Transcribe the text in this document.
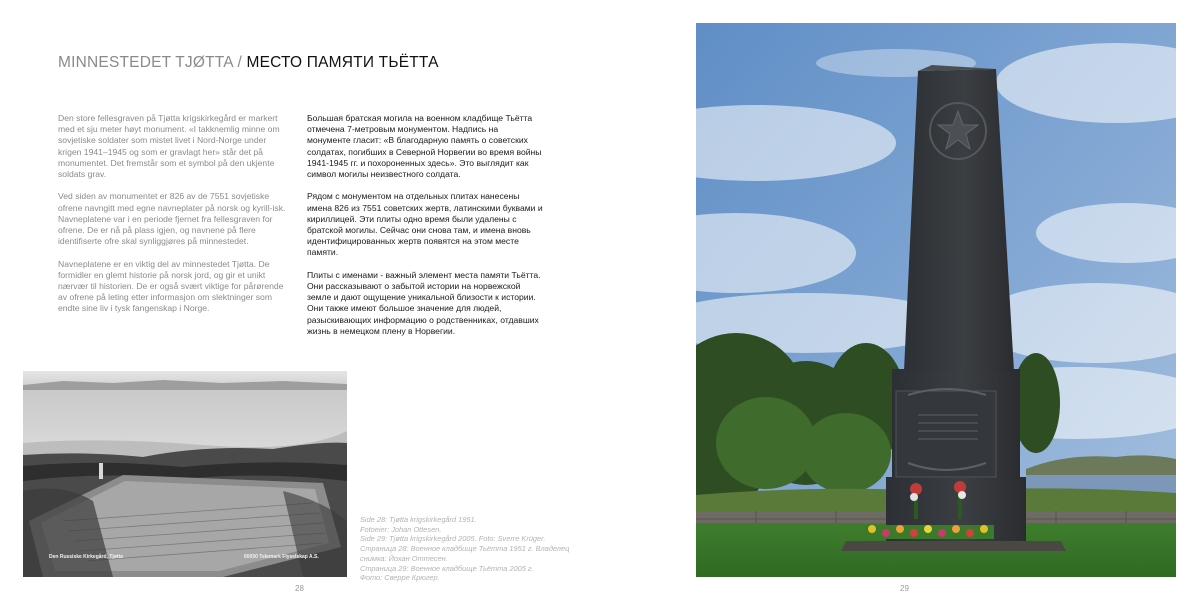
MINNESTEDET TJØTTA / МЕСТО ПАМЯТИ ТЬЁТТА

Den store fellesgraven på Tjøtta krigskirkegård er markert med et sju meter høyt monument. «I takknemlig minne om sovjetiske soldater som mistet livet i Nord-Norge under krigen 1941–1945 og som er gravlagt her» står det på monumentet. Det fremstår som et symbol på den ukjente soldats grav.

Ved siden av monumentet er 826 av de 7551 sovjetiske ofrene navngitt med egne navneplater på norsk og kyrill-isk. Navneplatene var i en periode fjernet fra fellesgraven for ofrene. De er nå på plass igjen, og navnene på flere identifiserte ofre skal synliggjøres på minnestedet.

Navneplatene er en viktig del av minnestedet Tjøtta. De formidler en glemt historie på norsk jord, og gir et unikt nærvær til historien. De er også svært viktige for pårørende av ofrene på leting etter informasjon om slektninger som endte sine liv i tysk fangenskap i Norge.

Большая братская могила на военном кладбище Тьётта отмечена 7-метровым монументом. Надпись на монументе гласит: «В благодарную память о советских солдатах, погибших в Северной Норвегии во время войны 1941-1945 гг. и похороненных здесь». Это выглядит как символ могилы неизвестного солдата.

Рядом с монументом на отдельных плитах нанесены имена 826 из 7551 советских жертв, латинскими буквами и кириллицей. Эти плиты одно время были удалены с братской могилы. Сейчас они снова там, и имена вновь идентифицированных жертв появятся на этом месте памяти.

Плиты с именами - важный элемент места памяти Тьётта. Они рассказывают о забытой истории на норвежской земле и дают ощущение уникальной близости к истории. Они также имеют большое значение для людей, разыскивающих информацию о родственниках, отдавших жизнь в немецком плену в Норвегии.

Den Russiske Kirkegård, Tjøtta	60050 Telemark Flyselskap A.S.
Side 28: Tjøtta krigskirkegård 1951.
Fotoeier: Johan Ottesen.
Side 29: Tjøtta krigskirkegård 2005. Foto: Sverre Krüger.
Страница 28: Военное кладбище Тьётта 1951 г. Владелец
снимка: Йохан Оттесен.
Страница 29: Военное кладбище Тьётта 2005 г.
Фото: Сверре Крюгер.
28	29
